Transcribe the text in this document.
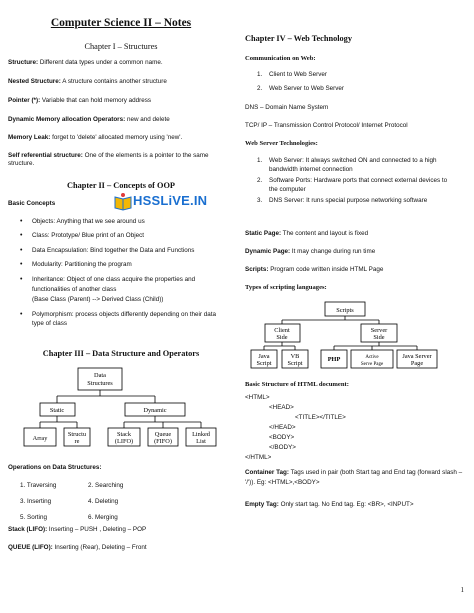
Computer Science II – Notes
Chapter I – Structures

Structure: Different data types under a common name.

Nested Structure: A structure contains another structure

Pointer (*): Variable that can hold memory address

Dynamic Memory allocation Operators: new and delete

Memory Leak: forget to 'delete' allocated memory using 'new'.

Self referential structure: One of the elements is a pointer to the same structure.

Chapter II – Concepts of OOP

Basic Concepts

• Objects: Anything that we see around us
• Class: Prototype/ Blue print of an Object
• Data Encapsulation: Bind together the Data and Functions
• Modularity: Partitioning the program
• Inheritance: Object of one class acquire the properties and functionalities of another class
(Base Class (Parent) --> Derived Class (Child))
• Polymorphism: process objects differently depending on their data type of class
Chapter III – Data Structure and Operators
Data
Structures
Static	Dynamic
Array
Structu
re
Stack
(LIFO)
Queue
(FIFO)
Linked
List

Operations on Data Structures:

1. Traversing	2. Searching
3. Inserting	4. Deleting
5. Sorting	6. Merging

Stack (LIFO): Inserting – PUSH , Deleting – POP

QUEUE (LIFO): Inserting (Rear), Deleting – Front

HSSLiVE.IN
Chapter IV – Web Technology

Communication on Web:

1. Client to Web Server
2. Web Server to Web Server

DNS – Domain Name System

TCP/ IP – Transmission Control Protocol/ Internet Protocol

Web Server Technologies:

1. Web Server: It always switched ON and connected to a high bandwidth internet connection
2. Software Ports: Hardware ports that connect external devices to the computer
3. DNS Server: It runs special purpose networking software

Static Page: The content and layout is fixed

Dynamic Page: It may change during run time

Scripts: Program code written inside HTML Page

Types of scripting languages:

Scripts
Client
Side
Server
Side
Java
Script
VB
Script
PHP	Active
Serve Page
Java Server
Page

Basic Structure of HTML document:

<HTML>
<HEAD>
<TITLE></TITLE>
</HEAD>
<BODY>
</BODY>
</HTML>

Container Tag: Tags used in pair (both Start tag and End tag (forward slash – '/')). Eg: <HTML>,<BODY>

Empty Tag: Only start tag. No End tag. Eg: <BR>, <INPUT>

1
